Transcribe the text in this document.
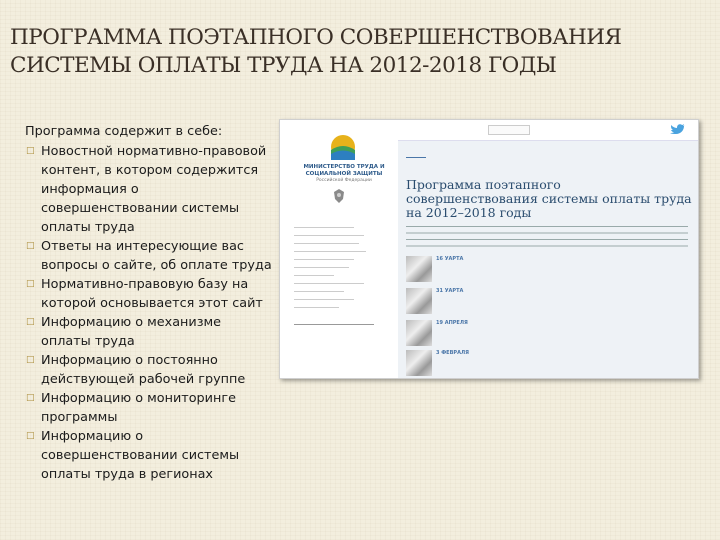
ПРОГРАММА ПОЭТАПНОГО СОВЕРШЕНСТВОВАНИЯ
СИСТЕМЫ ОПЛАТЫ ТРУДА НА 2012-2018 ГОДЫ
Программа содержит в себе:
□ Новостной нормативно-правовой контент, в котором содержится информация о совершенствовании системы оплаты труда
□ Ответы на интересующие вас вопросы о сайте, об оплате труда
□ Нормативно-правовую базу на которой основывается этот сайт
□ Информацию о механизме оплаты труда
□ Информацию о постоянно действующей рабочей группе
□ Информацию о мониторинге программы
□ Информацию о совершенствовании системы оплаты труда в регионах
МИНИСТЕРСТВО ТРУДА И СОЦИАЛЬНОЙ ЗАЩИТЫ
Российской Федерации	Программа поэтапного совершенствования системы оплаты труда на 2012–2018 годы
16 УАРТА
31 УАРТА
19 АПРЕЛЯ
3 ФЕВРАЛЯ
